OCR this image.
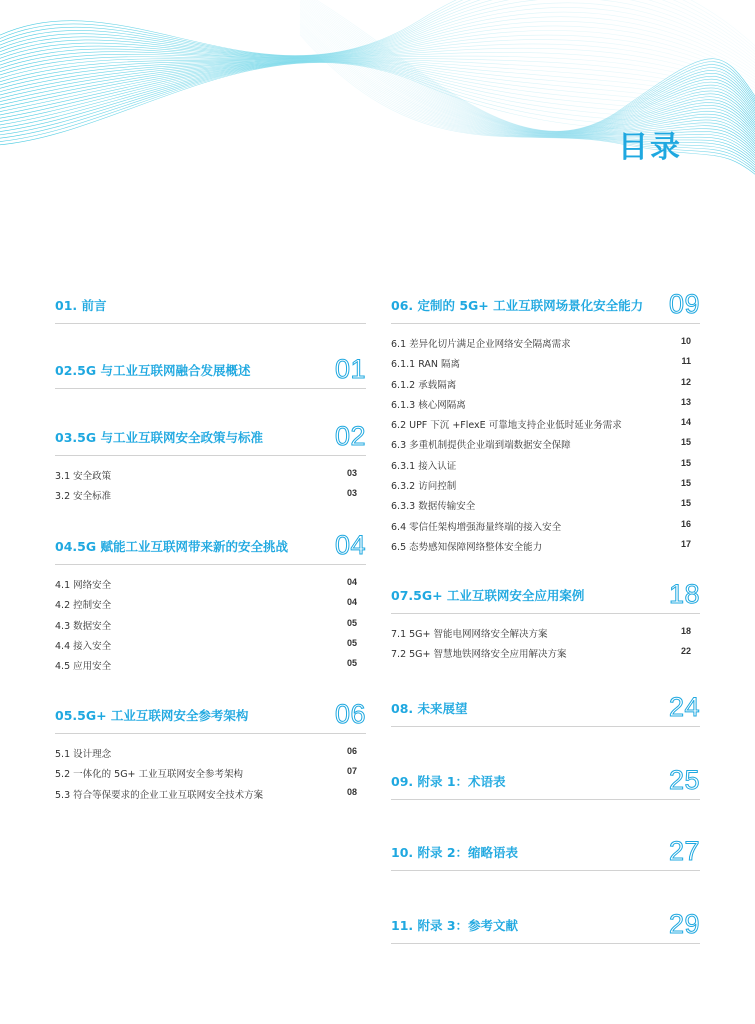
目录
01. 前言
02.5G 与工业互联网融合发展概述	01
03.5G 与工业互联网安全政策与标准	02
3.1 安全政策	03
3.2 安全标准	03
04.5G 赋能工业互联网带来新的安全挑战 04
4.1 网络安全	04
4.2 控制安全	04
4.3 数据安全	05
4.4 接入安全	05
4.5 应用安全	05
05.5G+ 工业互联网安全参考架构	06
5.1 设计理念	06
5.2 一体化的 5G+ 工业互联网安全参考架构	07
5.3 符合等保要求的企业工业互联网安全技术方案	08
06. 定制的 5G+ 工业互联网场景化安全能力 09
6.1 差异化切片满足企业网络安全隔离需求	10
6.1.1 RAN 隔离	11
6.1.2 承载隔离	12
6.1.3 核心网隔离	13
6.2 UPF 下沉 +FlexE 可靠地支持企业低时延业务需求	14
6.3 多重机制提供企业端到端数据安全保障	15
6.3.1 接入认证	15
6.3.2 访问控制	15
6.3.3 数据传输安全	15
6.4 零信任架构增强海量终端的接入安全	16
6.5 态势感知保障网络整体安全能力	17
07.5G+ 工业互联网安全应用案例	18
7.1 5G+ 智能电网网络安全解决方案	18
7.2 5G+ 智慧地铁网络安全应用解决方案	22
08. 未来展望	24
09. 附录 1：术语表	25
10. 附录 2：缩略语表	27
11. 附录 3：参考文献	29
